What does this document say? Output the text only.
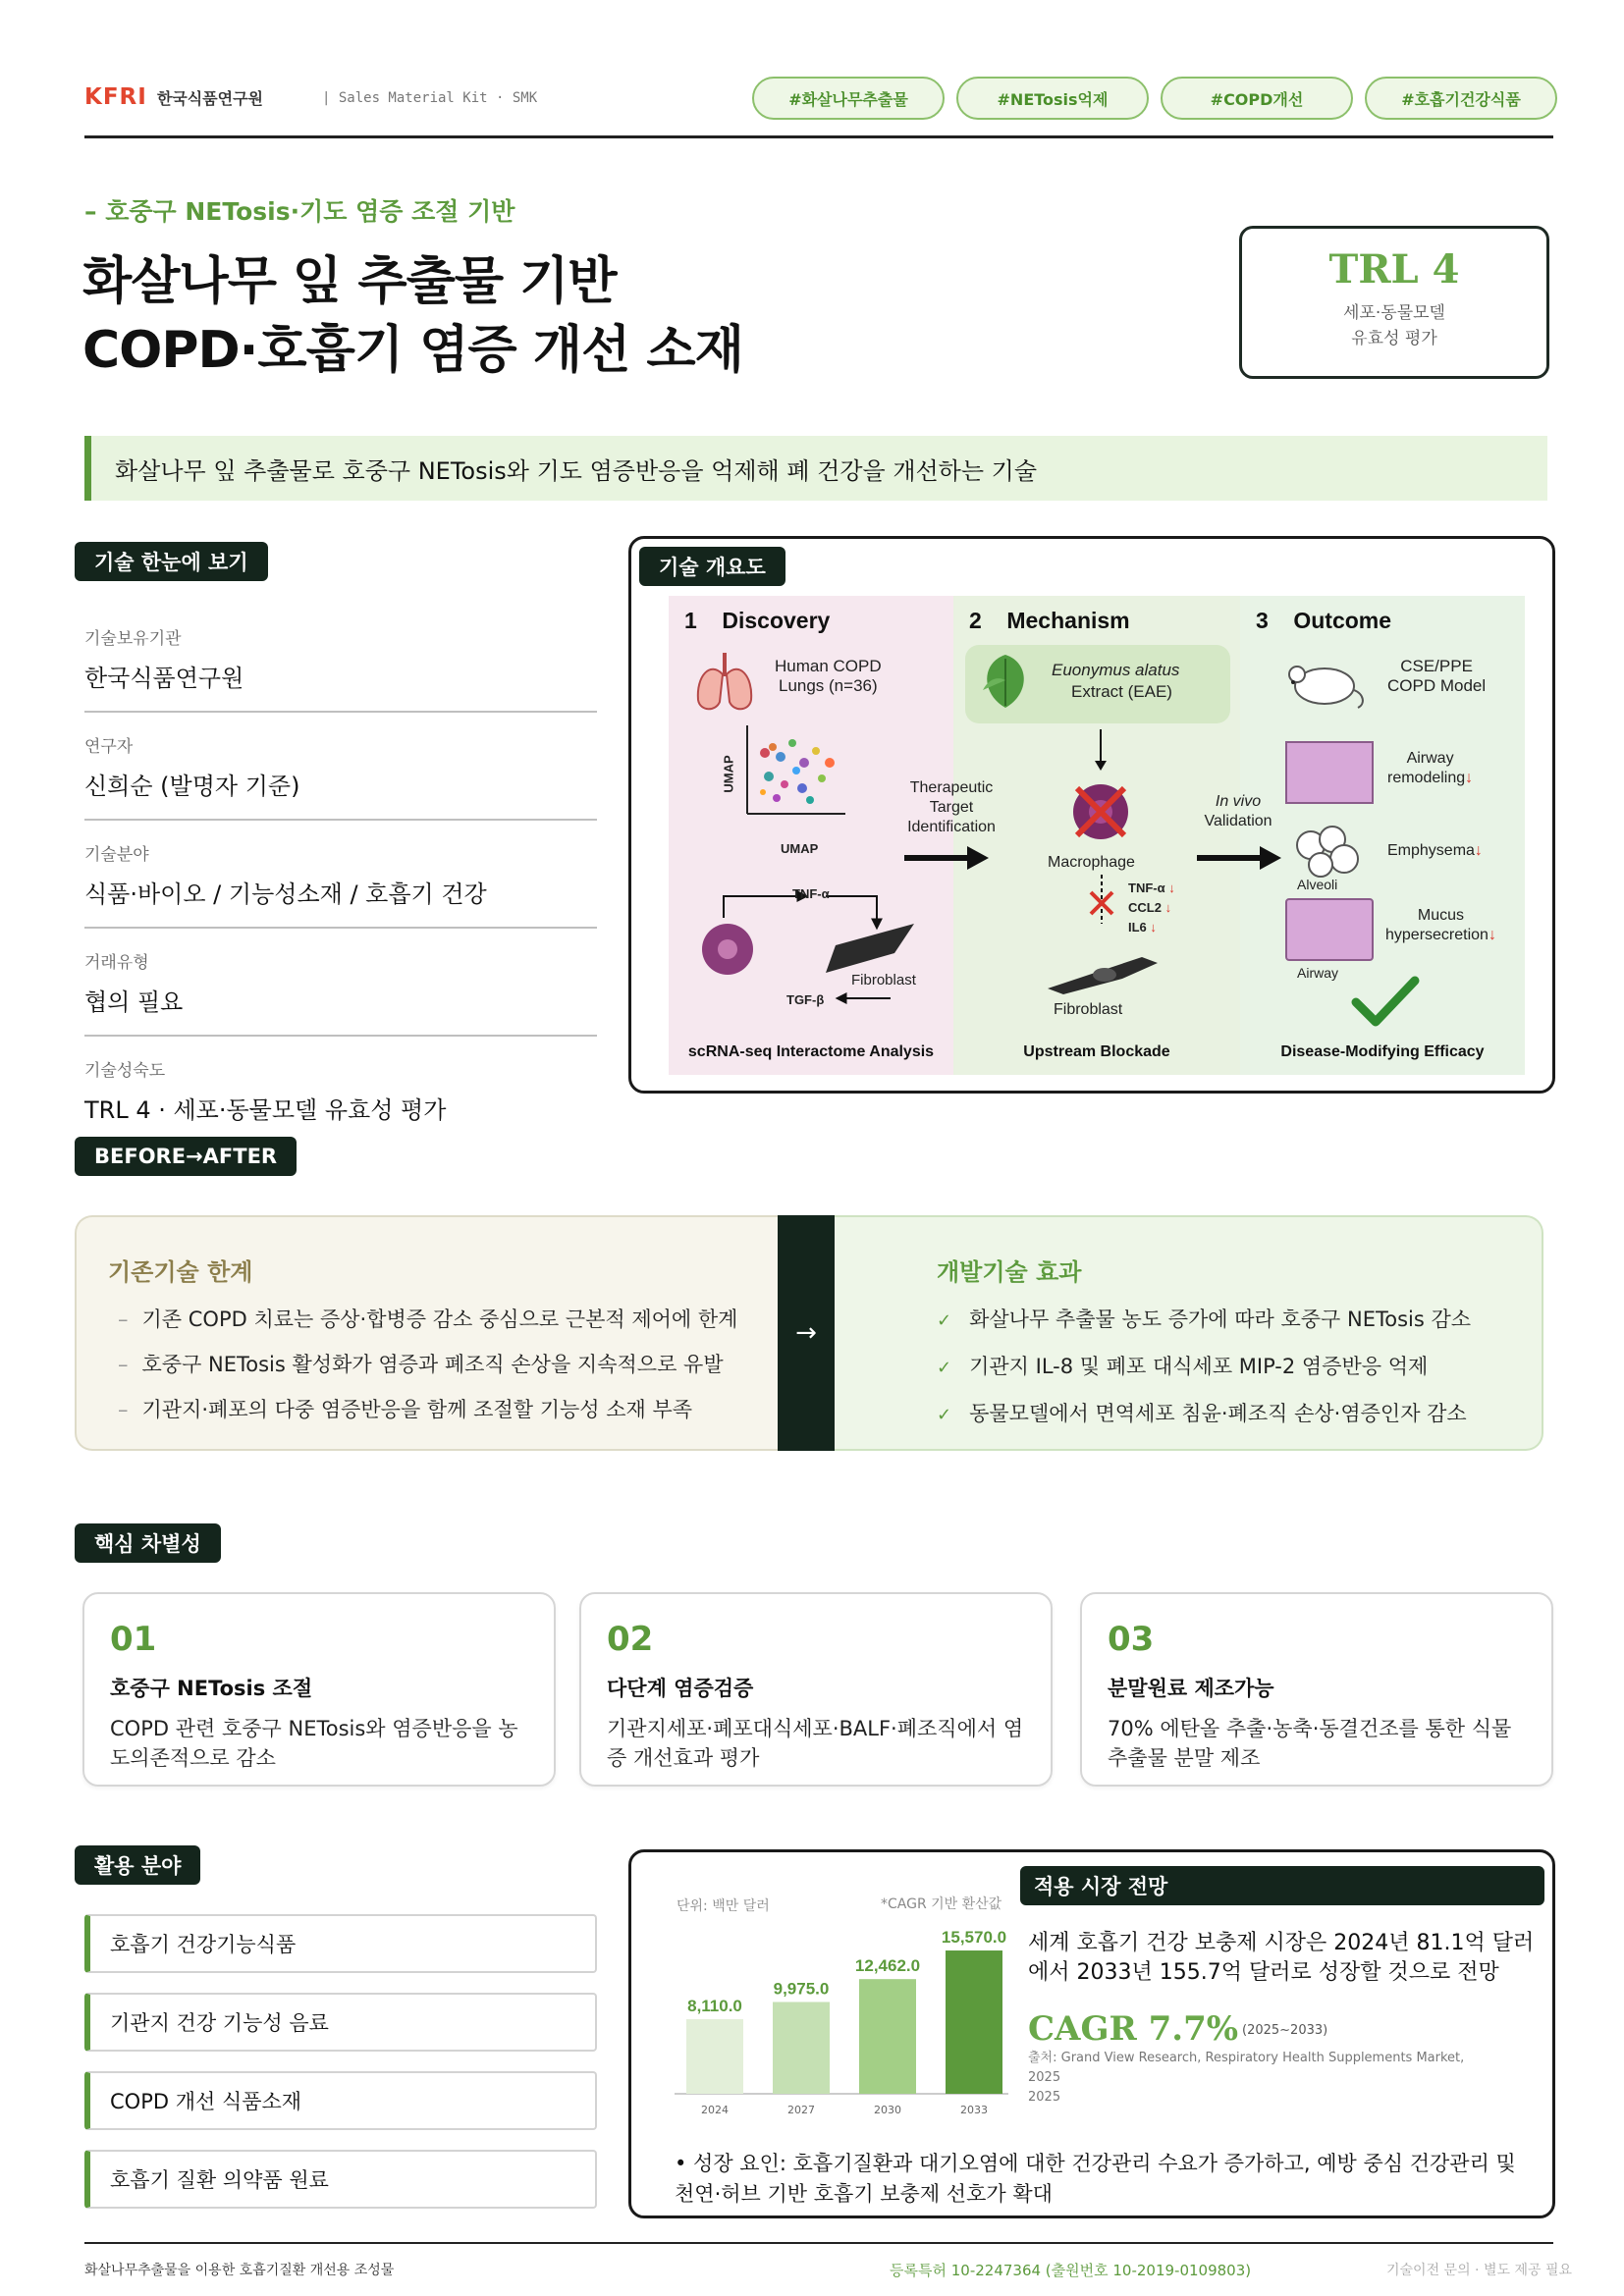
KFRI 한국식품연구원	| Sales Material Kit · SMK	#화살나무추출물	#NETosis억제	#COPD개선	#호흡기건강식품
– 호중구 NETosis·기도 염증 조절 기반
화살나무 잎 추출물 기반
COPD·호흡기 염증 개선 소재
TRL 4
세포·동물모델
유효성 평가
화살나무 잎 추출물로 호중구 NETosis와 기도 염증반응을 억제해 폐 건강을 개선하는 기술
기술 한눈에 보기
기술보유기관
한국식품연구원
연구자
신희순 (발명자 기준)
기술분야
식품·바이오 / 기능성소재 / 호흡기 건강
거래유형
협의 필요
기술성숙도
TRL 4 · 세포·동물모델 유효성 평가
기술 개요도
1 Discovery
Human COPD
Lungs (n=36)
UMAP
UMAP
TNF-α
TGF-β
Fibroblast
scRNA-seq Interactome Analysis
Therapeutic
Target
Identification
2 Mechanism
Euonymus alatus
Extract (EAE)
Macrophage
TNF-α ↓
CCL2 ↓
IL6 ↓
Fibroblast
Upstream Blockade
In vivo
Validation
3 Outcome
CSE/PPE
COPD Model
Airway
remodeling↓
Alveoli
Emphysema↓
Airway
Mucus
hypersecretion↓
Disease-Modifying Efficacy
BEFORE→AFTER
기존기술 한계
– 기존 COPD 치료는 증상·합병증 감소 중심으로 근본적 제어에 한계
– 호중구 NETosis 활성화가 염증과 폐조직 손상을 지속적으로 유발
– 기관지·폐포의 다중 염증반응을 함께 조절할 기능성 소재 부족
→
개발기술 효과
✓ 화살나무 추출물 농도 증가에 따라 호중구 NETosis 감소
✓ 기관지 IL-8 및 폐포 대식세포 MIP-2 염증반응 억제
✓ 동물모델에서 면역세포 침윤·폐조직 손상·염증인자 감소
핵심 차별성
01
호중구 NETosis 조절
COPD 관련 호중구 NETosis와 염증반응을 농도의존적으로 감소
02
다단계 염증검증
기관지세포·폐포대식세포·BALF·폐조직에서 염증 개선효과 평가
03
분말원료 제조가능
70% 에탄올 추출·농축·동결건조를 통한 식물 추출물 분말 제조
활용 분야
호흡기 건강기능식품
기관지 건강 기능성 음료
COPD 개선 식품소재
호흡기 질환 의약품 원료
단위: 백만 달러	*CAGR 기반 환산값
8,110.0
2024
9,975.0
2027
12,462.0
2030
15,570.0
2033
적용 시장 전망
세계 호흡기 건강 보충제 시장은 2024년 81.1억 달러에서 2033년 155.7억 달러로 성장할 것으로 전망
CAGR 7.7% (2025~2033)
출처: Grand View Research, Respiratory Health Supplements Market, 2025
2025
• 성장 요인: 호흡기질환과 대기오염에 대한 건강관리 수요가 증가하고, 예방 중심 건강관리 및 천연·허브 기반 호흡기 보충제 선호가 확대
화살나무추출물을 이용한 호흡기질환 개선용 조성물	등록특허 10-2247364 (출원번호 10-2019-0109803)	기술이전 문의 · 별도 제공 필요
